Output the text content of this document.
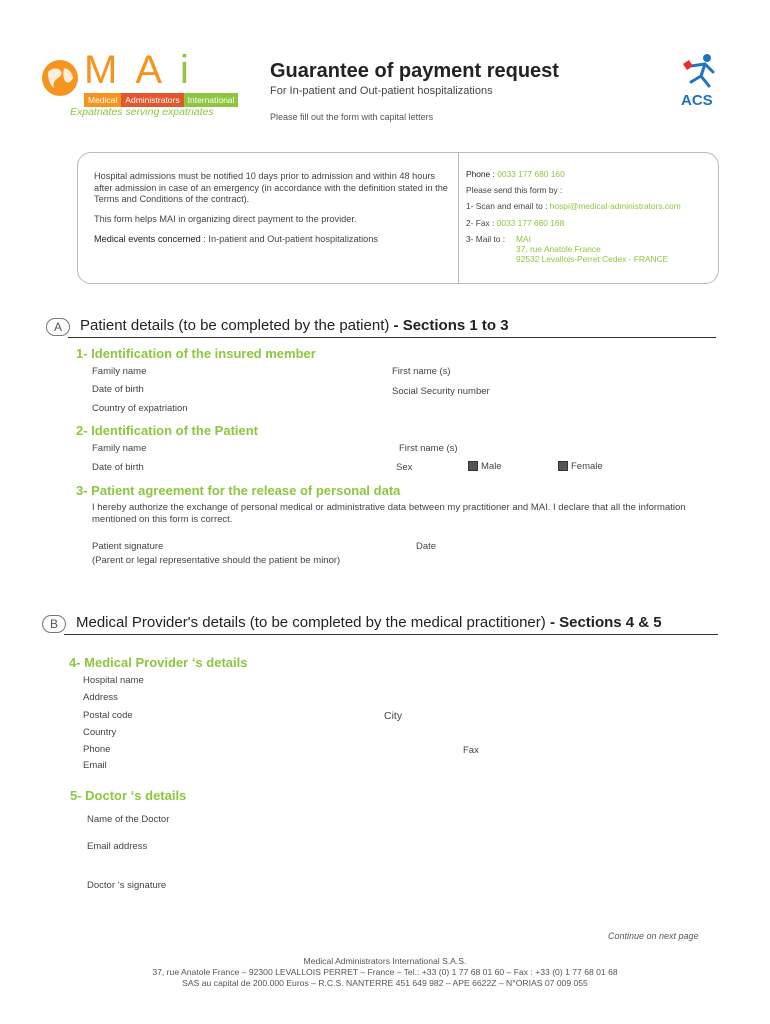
MAi
Medical Administrators International
Expatriates serving expatriates
Guarantee of payment request
For In-patient and Out-patient hospitalizations
Please fill out the form with capital letters
ACS
Hospital admissions must be notified 10 days prior to admission and within 48 hours after admission in case of an emergency (in accordance with the definition stated in the Terms and Conditions of the contract).
This form helps MAI in organizing direct payment to the provider.
Medical events concerned : In-patient and Out-patient hospitalizations
Phone : 0033 177 680 160
Please send this form by :
1- Scan and email to : hospi@medical-administrators.com
2- Fax : 0033 177 680 168
3- Mail to : MAI
37, rue Anatole France
92532 Levallois-Perret Cedex - FRANCE
A	Patient details (to be completed by the patient) - Sections 1 to 3
1- Identification of the insured member
Family name	First name (s)
Date of birth	Social Security number
Country of expatriation
2- Identification of the Patient
Family name	First name (s)
Date of birth	Sex	Male	Female
3- Patient agreement for the release of personal data
I hereby authorize the exchange of personal medical or administrative data between my practitioner and MAI. I declare that all the information mentioned on this form is correct.
Patient signature
(Parent or legal representative should the patient be minor)
Date
B	Medical Provider's details (to be completed by the medical practitioner) - Sections 4 & 5
4- Medical Provider ‘s details
Hospital name
Address
Postal code	City
Country
Phone	Fax
Email
5- Doctor ‘s details
Name of the Doctor
Email address
Doctor ‘s signature
Continue on next page
Medical Administrators International S.A.S.
37, rue Anatole France – 92300 LEVALLOIS PERRET – France – Tel.: +33 (0) 1 77 68 01 60 – Fax : +33 (0) 1 77 68 01 68
SAS au capital de 200.000 Euros – R.C.S. NANTERRE 451 649 982 – APE 6622Z – N°ORIAS 07 009 055
